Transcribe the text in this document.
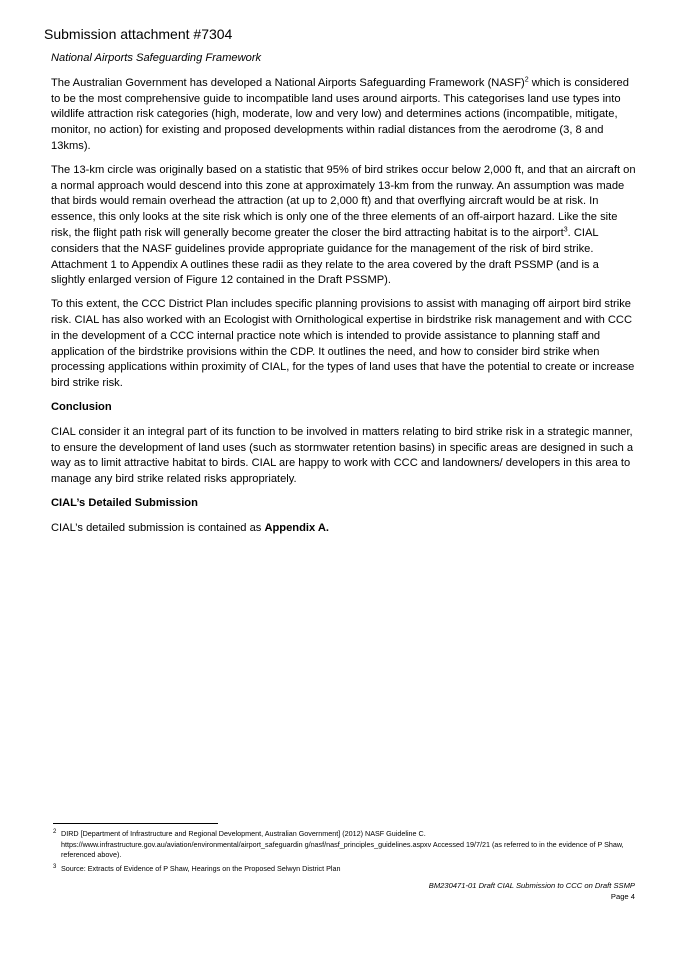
Submission attachment #7304

National Airports Safeguarding Framework

The Australian Government has developed a National Airports Safeguarding Framework (NASF)$^2$ which is considered to be the most comprehensive guide to incompatible land uses around airports. This categorises land use types into wildlife attraction risk categories (high, moderate, low and very low) and determines actions (incompatible, mitigate, monitor, no action) for existing and proposed developments within radial distances from the aerodrome (3, 8 and 13kms).

The 13-km circle was originally based on a statistic that 95% of bird strikes occur below 2,000 ft, and that an aircraft on a normal approach would descend into this zone at approximately 13-km from the runway. An assumption was made that birds would remain overhead the attraction (at up to 2,000 ft) and that overflying aircraft would be at risk. In essence, this only looks at the site risk which is only one of the three elements of an off-airport hazard. Like the site risk, the flight path risk will generally become greater the closer the bird attracting habitat is to the airport$^3$. CIAL considers that the NASF guidelines provide appropriate guidance for the management of the risk of bird strike. Attachment 1 to Appendix A outlines these radii as they relate to the area covered by the draft PSSMP (and is a slightly enlarged version of Figure 12 contained in the Draft PSSMP).

To this extent, the CCC District Plan includes specific planning provisions to assist with managing off airport bird strike risk. CIAL has also worked with an Ecologist with Ornithological expertise in birdstrike risk management and with CCC in the development of a CCC internal practice note which is intended to provide assistance to planning staff and application of the birdstrike provisions within the CDP. It outlines the need, and how to consider bird strike when processing applications within proximity of CIAL, for the types of land uses that have the potential to create or increase bird strike risk.

Conclusion

CIAL consider it an integral part of its function to be involved in matters relating to bird strike risk in a strategic manner, to ensure the development of land uses (such as stormwater retention basins) in specific areas are designed in such a way as to limit attractive habitat to birds. CIAL are happy to work with CCC and landowners/ developers in this area to manage any bird strike related risks appropriately.

CIAL’s Detailed Submission

CIAL’s detailed submission is contained as Appendix A.

2 DIRD [Department of Infrastructure and Regional Development, Australian Government] (2012) NASF Guideline C. https://www.infrastructure.gov.au/aviation/environmental/airport_safeguardin g/nasf/nasf_principles_guidelines.aspxv Accessed 19/7/21 (as referred to in the evidence of P Shaw, referenced above).
3 Source: Extracts of Evidence of P Shaw, Hearings on the Proposed Selwyn District Plan
BM230471-01 Draft CIAL Submission to CCC on Draft SSMP
Page 4
